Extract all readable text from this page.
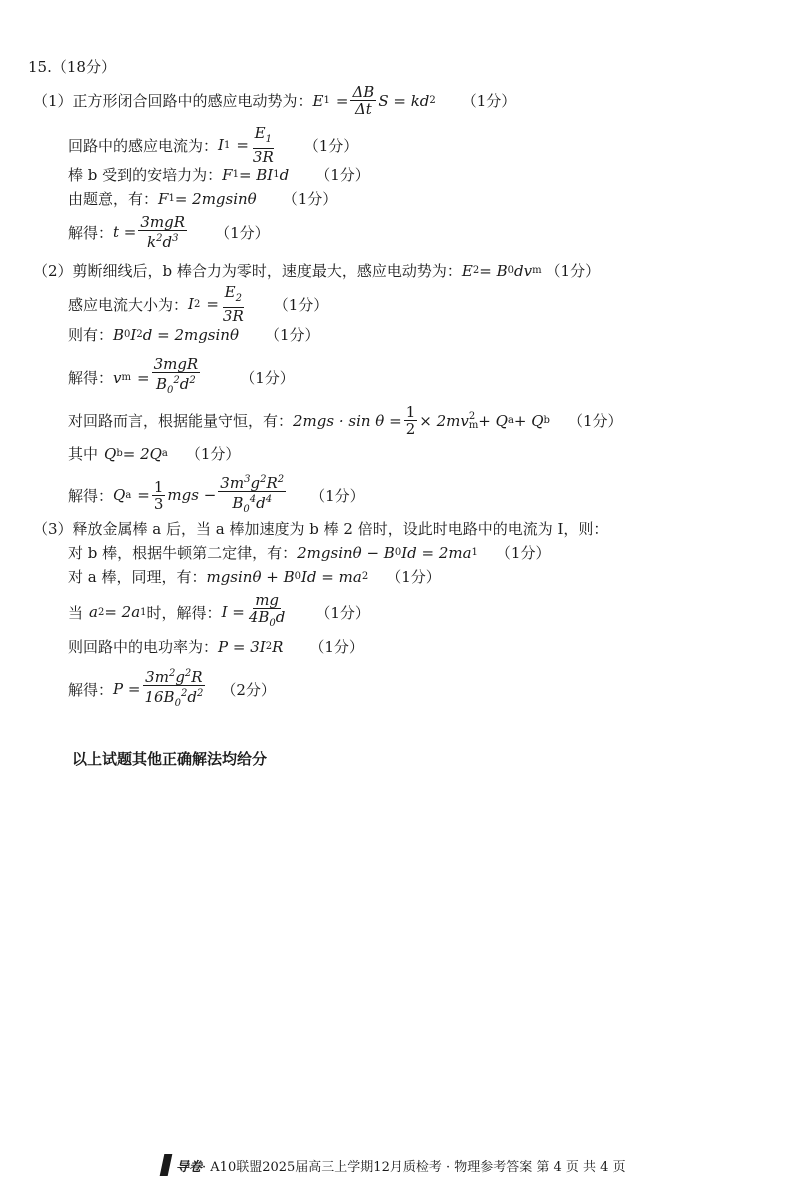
15.（18分）
（1）正方形闭合回路中的感应电动势为： E $1 = \frac{\Delta B}{\Delta t}$ S = kd 2 （1分）
回路中的感应电流为： I $1 = \frac{E_1}{3R} (1$分）
棒 b 受到的安培力为： F 1 = BI 1 d （1分）
由题意，有： F 1 = 2mgsinθ （1分）
解得： $t = \frac{\text{3mgR}}{k^2d^3} (1$分）
（2）剪断细线后，b 棒合力为零时，速度最大，感应电动势为： E 2 = B 0 dv m （1分）
感应电流大小为： I $2 = \frac{E_2}{3R} (1$分）
则有： B 0 I 2 d = 2mgsinθ （1分）
解得： v $m = \frac{\text{3mgR}}{B_0^2d^2}$	（1分）
对回路而言，根据能量守恒，有： $2mgs \cdot \sin \theta = \frac{1}{2} \times 2mv$ 2
m + Q a + Q b （1分）
其中 Q b = 2Q a （1分）
解得： Q $a = \frac{1}{3}$ mgs − $\frac{3m^3g^2R^2}{B_0^4d^4} (1$分）
（3）释放金属棒 a 后，当 a 棒加速度为 b 棒 2 倍时，设此时电路中的电流为 I，则：
对 b 棒，根据牛顿第二定律，有： 2mgsinθ − B 0 Id = 2ma 1 （1分）
对 a 棒，同理，有： mgsinθ + B 0 Id = ma 2 （1分）
当 a 2 = 2a 1 时，解得： $I = \frac{mg}{4B_0d} (1$分）
则回路中的电功率为： P = 3I 2 R （1分）
解得： $P = \frac{3m^2g^2R}{16B_0^2d^2} (2$分）
以上试题其他正确解法均给分
导卷 · A10联盟2025届高三上学期12月质检考 · 物理参考答案 第 4 页 共 4 页
